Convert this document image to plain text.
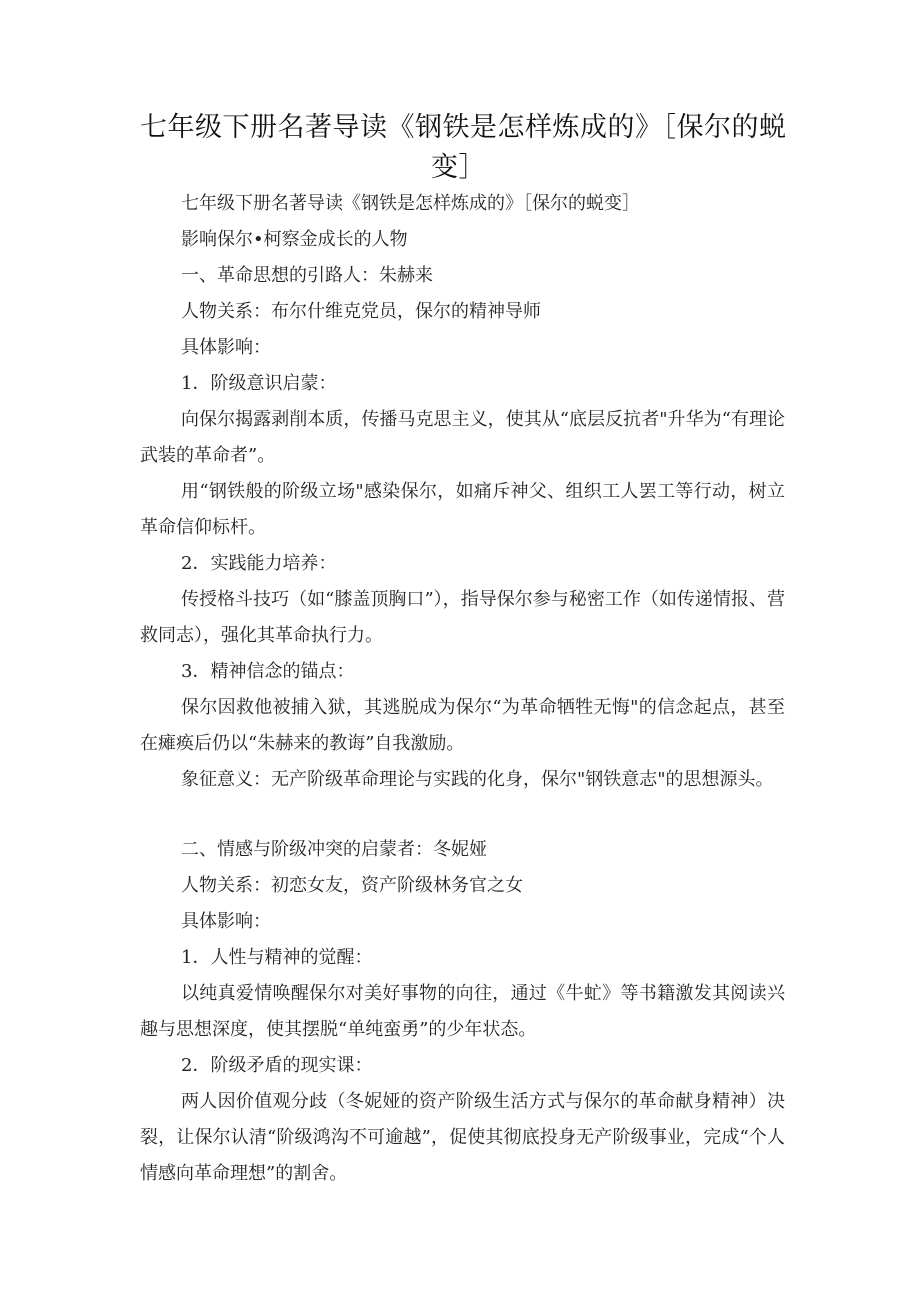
七年级下册名著导读《钢铁是怎样炼成的》［保尔的蜕
变］
七年级下册名著导读《钢铁是怎样炼成的》［保尔的蜕变］
影响保尔•柯察金成长的人物
一、革命思想的引路人：朱赫来
人物关系：布尔什维克党员，保尔的精神导师
具体影响：
1．阶级意识启蒙：
向保尔揭露剥削本质，传播马克思主义，使其从“底层反抗者"升华为“有理论武装的革命者”。
用“钢铁般的阶级立场"感染保尔，如痛斥神父、组织工人罢工等行动，树立革命信仰标杆。
2．实践能力培养：
传授格斗技巧（如“膝盖顶胸口”），指导保尔参与秘密工作（如传递情报、营救同志），强化其革命执行力。
3．精神信念的锚点：
保尔因救他被捕入狱，其逃脱成为保尔“为革命牺牲无悔"的信念起点，甚至在瘫痪后仍以“朱赫来的教诲”自我激励。
象征意义：无产阶级革命理论与实践的化身，保尔"钢铁意志"的思想源头。
二、情感与阶级冲突的启蒙者：冬妮娅
人物关系：初恋女友，资产阶级林务官之女
具体影响：
1．人性与精神的觉醒：
以纯真爱情唤醒保尔对美好事物的向往，通过《牛虻》等书籍激发其阅读兴趣与思想深度，使其摆脱“单纯蛮勇”的少年状态。
2．阶级矛盾的现实课：
两人因价值观分歧（冬妮娅的资产阶级生活方式与保尔的革命献身精神）决裂，让保尔认清“阶级鸿沟不可逾越”，促使其彻底投身无产阶级事业，完成“个人情感向革命理想”的割舍。
